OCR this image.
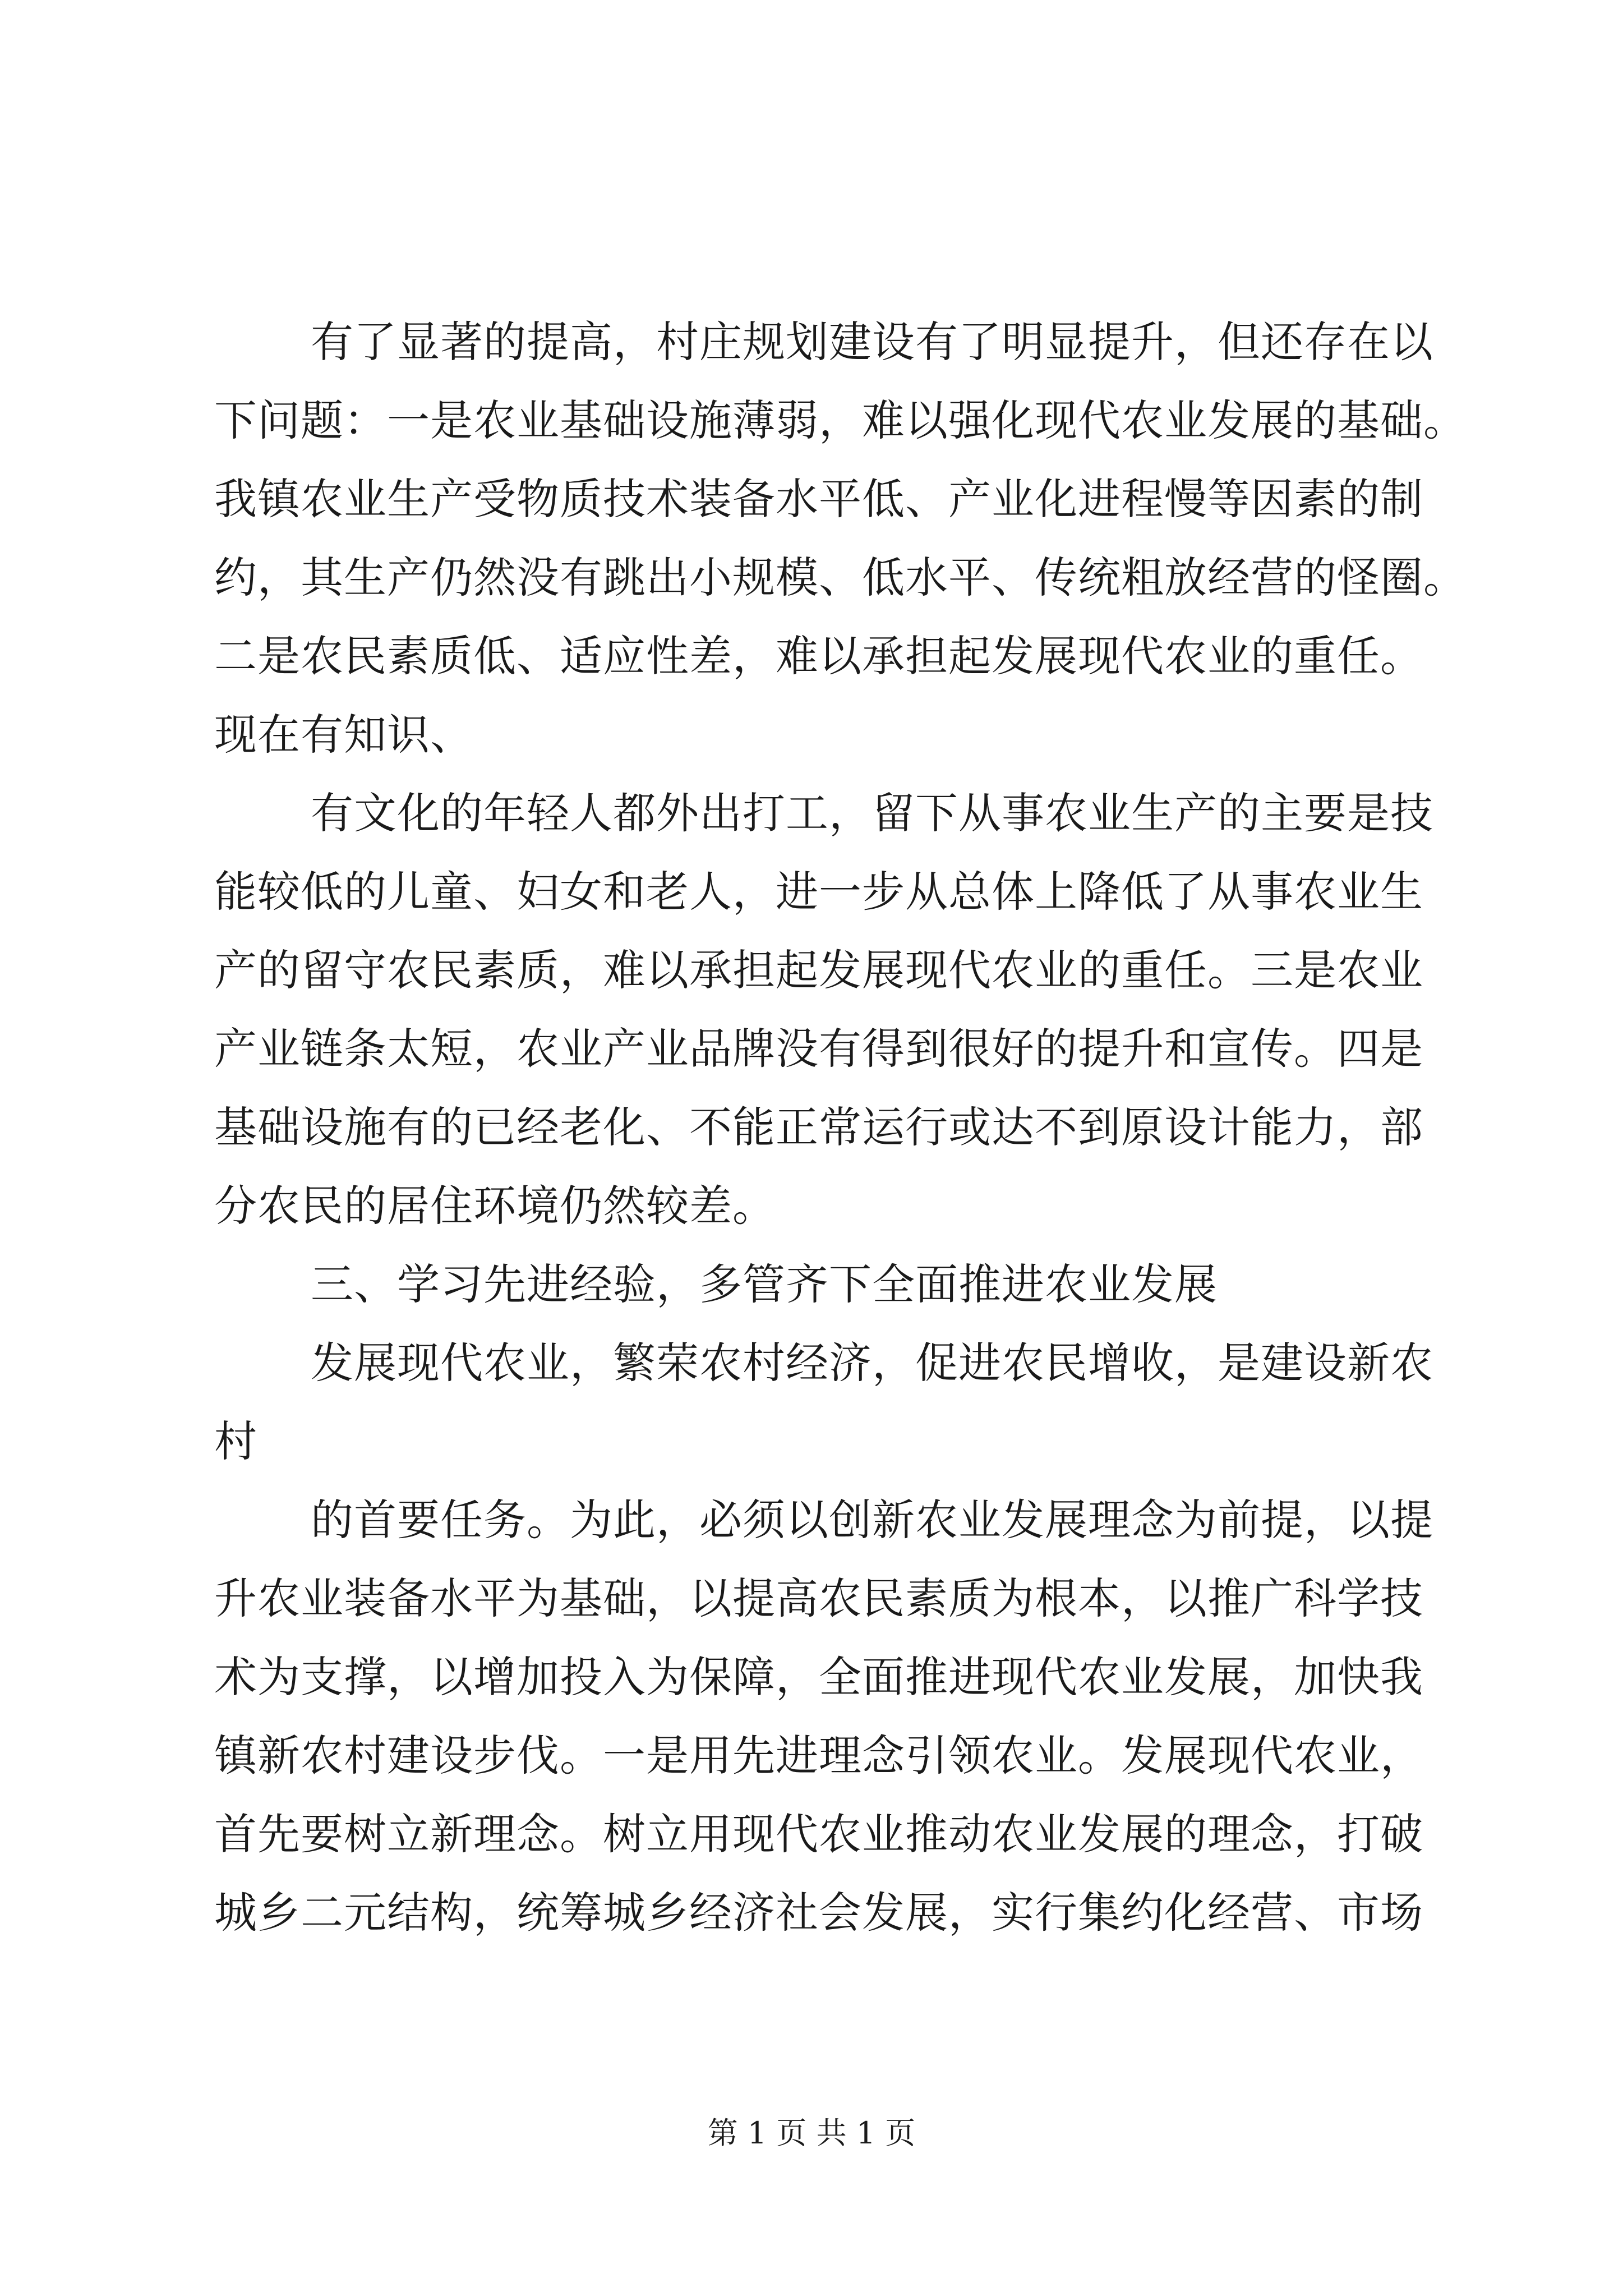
有了显著的提高，村庄规划建设有了明显提升，但还存在以
下问题：一是农业基础设施薄弱，难以强化现代农业发展的基础。
我镇农业生产受物质技术装备水平低、产业化进程慢等因素的制
约，其生产仍然没有跳出小规模、低水平、传统粗放经营的怪圈。
二是农民素质低、适应性差，难以承担起发展现代农业的重任。
现在有知识、
有文化的年轻人都外出打工，留下从事农业生产的主要是技
能较低的儿童、妇女和老人，进一步从总体上降低了从事农业生
产的留守农民素质，难以承担起发展现代农业的重任。三是农业
产业链条太短，农业产业品牌没有得到很好的提升和宣传。四是
基础设施有的已经老化、不能正常运行或达不到原设计能力，部
分农民的居住环境仍然较差。
三、学习先进经验，多管齐下全面推进农业发展
发展现代农业，繁荣农村经济，促进农民增收，是建设新农
村
的首要任务。为此，必须以创新农业发展理念为前提，以提
升农业装备水平为基础，以提高农民素质为根本，以推广科学技
术为支撑，以增加投入为保障，全面推进现代农业发展，加快我
镇新农村建设步伐。一是用先进理念引领农业。发展现代农业，
首先要树立新理念。树立用现代农业推动农业发展的理念，打破
城乡二元结构，统筹城乡经济社会发展，实行集约化经营、市场
第 1 页 共 1 页
